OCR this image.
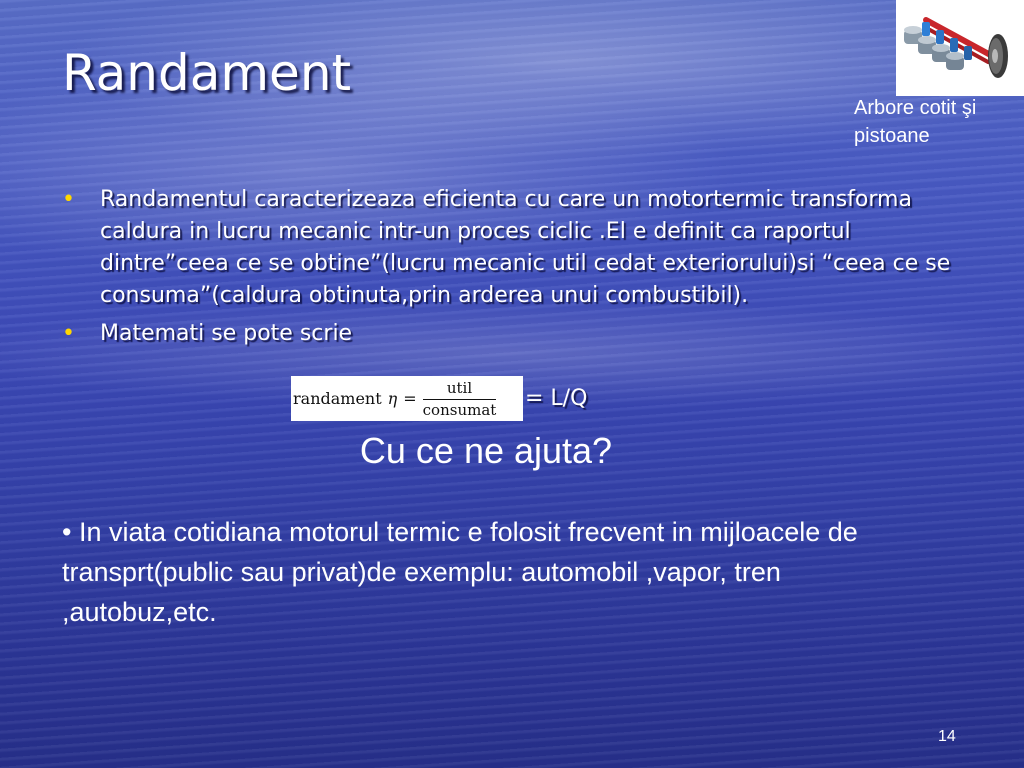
Randament
Arbore cotit şi pistoane
• Randamentul caracterizeaza eficienta cu care un motortermic transforma caldura in lucru mecanic intr-un proces ciclic .El e definit ca raportul dintre”ceea ce se obtine”(lucru mecanic util cedat exteriorului)si “ceea ce se consuma”(caldura obtinuta,prin arderea unui combustibil).
• Matemati se pote scrie
randament $\eta = \frac{\text{util}}{\text{consumat}} = L/Q$
Cu ce ne ajuta?
• In viata cotidiana motorul termic e folosit frecvent in mijloacele de transprt(public sau privat)de exemplu: automobil ,vapor, tren ,autobuz,etc.
14
